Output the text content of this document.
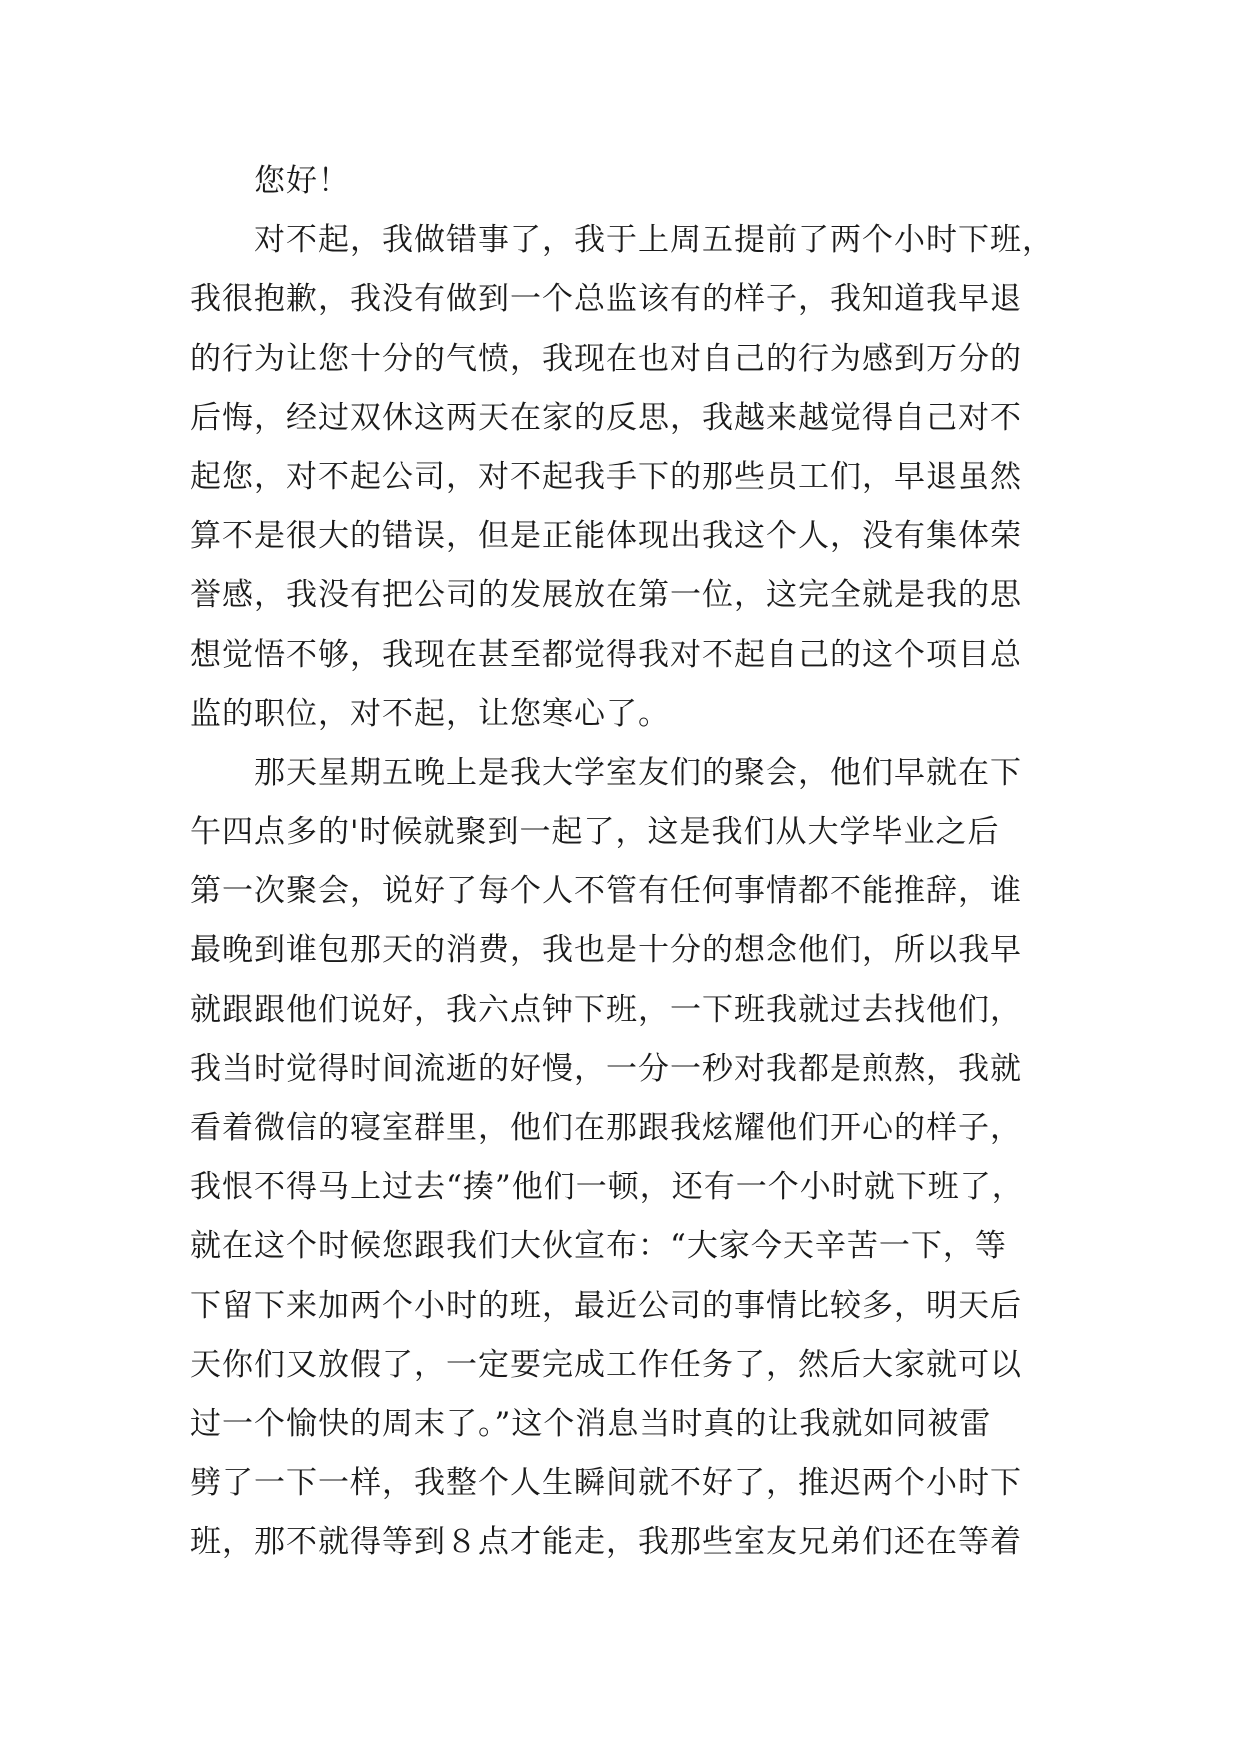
您好！
对不起，我做错事了，我于上周五提前了两个小时下班，
我很抱歉，我没有做到一个总监该有的样子，我知道我早退
的行为让您十分的气愤，我现在也对自己的行为感到万分的
后悔，经过双休这两天在家的反思，我越来越觉得自己对不
起您，对不起公司，对不起我手下的那些员工们，早退虽然
算不是很大的错误，但是正能体现出我这个人，没有集体荣
誉感，我没有把公司的发展放在第一位，这完全就是我的思
想觉悟不够，我现在甚至都觉得我对不起自己的这个项目总
监的职位，对不起，让您寒心了。
那天星期五晚上是我大学室友们的聚会，他们早就在下
午四点多的'时候就聚到一起了，这是我们从大学毕业之后
第一次聚会，说好了每个人不管有任何事情都不能推辞，谁
最晚到谁包那天的消费，我也是十分的想念他们，所以我早
就跟跟他们说好，我六点钟下班，一下班我就过去找他们，
我当时觉得时间流逝的好慢，一分一秒对我都是煎熬，我就
看着微信的寝室群里，他们在那跟我炫耀他们开心的样子，
我恨不得马上过去“揍”他们一顿，还有一个小时就下班了，
就在这个时候您跟我们大伙宣布：“大家今天辛苦一下，等
下留下来加两个小时的班，最近公司的事情比较多，明天后
天你们又放假了，一定要完成工作任务了，然后大家就可以
过一个愉快的周末了。”这个消息当时真的让我就如同被雷
劈了一下一样，我整个人生瞬间就不好了，推迟两个小时下
班，那不就得等到８点才能走，我那些室友兄弟们还在等着
